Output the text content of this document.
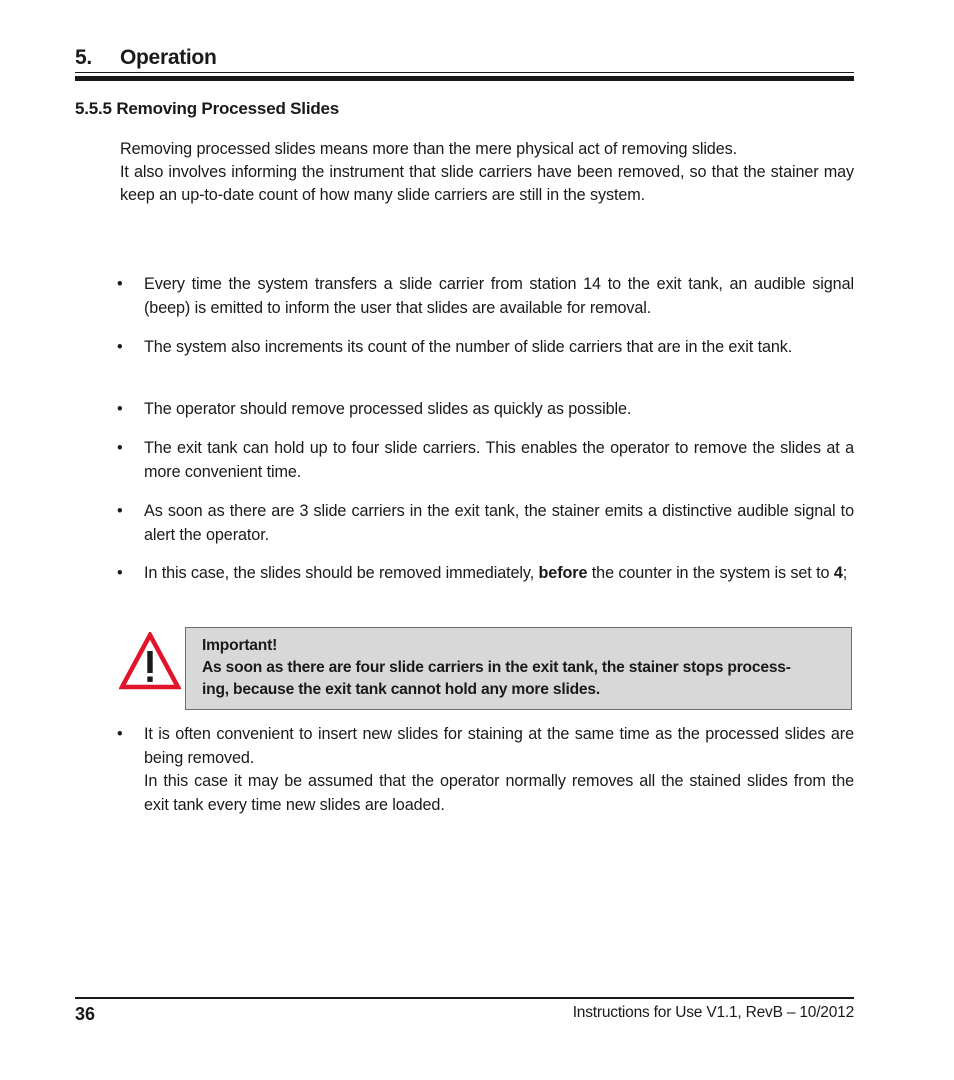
5. Operation
5.5.5 Removing Processed Slides

Removing processed slides means more than the mere physical act of removing slides.

It also involves informing the instrument that slide carriers have been removed, so that the stainer may keep an up-to-date count of how many slide carriers are still in the system.

•	Every time the system transfers a slide carrier from station 14 to the exit tank, an audible signal (beep) is emitted to inform the user that slides are available for removal.
•	The system also increments its count of the number of slide carriers that are in the exit tank.
•	The operator should remove processed slides as quickly as possible.
•	The exit tank can hold up to four slide carriers. This enables the operator to remove the slides at a more convenient time.
•	As soon as there are 3 slide carriers in the exit tank, the stainer emits a distinctive audible signal to alert the operator.
•	In this case, the slides should be removed immediately, before the counter in the system is set to 4;
Important!
As soon as there are four slide carriers in the exit tank, the stainer stops process-
ing, because the exit tank cannot hold any more slides.
•	It is often convenient to insert new slides for staining at the same time as the processed slides are being removed.

In this case it may be assumed that the operator normally removes all the stained slides from the exit tank every time new slides are loaded.

36	Instructions for Use V1.1, RevB – 10/2012
